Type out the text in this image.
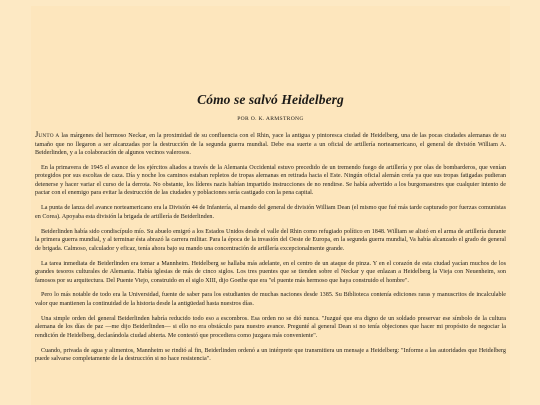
Cómo se salvó Heidelberg
POR O. K. ARMSTRONG

JUNTO A las márgenes del hermoso Neckar, en la proximidad de su confluencia con el Rhin, yace la antigua y pintoresca ciudad de Heidelberg, una de las pocas ciudades alemanas de su tamaño que no llegaron a ser alcanzadas por la destrucción de la segunda guerra mundial. Debe esa suerte a un oficial de artillería norteamericano, el general de división William A. Beiderlinden, y a la colaboración de algunos vecinos valerosos.

En la primavera de 1945 el avance de los ejércitos aliados a través de la Alemania Occidental estuvo precedido de un tremendo fuego de artillería y por olas de bombarderos, que venían protegidos por sus escoltas de caza. Día y noche los caminos estaban repletos de tropas alemanas en retirada hacia el Este. Ningún oficial alemán creía ya que sus tropas fatigadas pudieran detenerse y hacer variar el curso de la derrota. No obstante, los líderes nazis habían impartido instrucciones de no rendirse. Se había advertido a los burgomaestres que cualquier intento de pactar con el enemigo para evitar la destrucción de las ciudades y poblaciones sería castigado con la pena capital.

La punta de lanza del avance norteamericano era la División 44 de Infantería, al mando del general de división William Dean (el mismo que fué más tarde capturado por fuerzas comunistas en Corea). Apoyaba esta división la brigada de artillería de Beiderlinden.

Beiderlinden había sido condiscípulo mío. Su abuelo emigró a los Estados Unidos desde el valle del Rhin como refugiado político en 1848. William se alistó en el arma de artillería durante la primera guerra mundial, y al terminar ésta abrazó la carrera militar. Para la época de la invasión del Oeste de Europa, en la segunda guerra mundial, Va había alcanzado el grado de general de brigada. Calmoso, calculador y eficaz, tenía ahora bajo su mando una concentración de artillería excepcionalmente grande.

La tarea inmediata de Beiderlinden era tomar a Mannheim. Heidelberg se hallaba más adelante, en el centro de un ataque de pinza. Y en el corazón de esta ciudad yacían muchos de los grandes tesoros culturales de Alemania. Había iglesias de más de cinco siglos. Los tres puentes que se tienden sobre el Neckar y que enlazan a Heidelberg la Vieja con Neuenheim, son famosos por su arquitectura. Del Puente Viejo, construido en el siglo XIII, dijo Goethe que era "el puente más hermoso que haya construido el hombre".

Pero lo más notable de todo era la Universidad, fuente de saber para los estudiantes de muchas naciones desde 1385. Su Biblioteca contenía ediciones raras y manuscritos de incalculable valor que mantienen la continuidad de la historia desde la antigüedad hasta nuestros días.

Una simple orden del general Beiderlinden habría reducido todo eso a escombros. Esa orden no se dió nunca. "Juzgué que era digno de un soldado preservar ese símbolo de la cultura alemana de los días de paz —me dijo Beiderlinden— si ello no era obstáculo para nuestro avance. Pregunté al general Dean si no tenía objeciones que hacer mi propósito de negociar la rendición de Heidelberg, declarándola ciudad abierta. Me contestó que procediera como juzgara más conveniente".

Cuando, privada de agua y alimentos, Mannheim se rindió al fin, Beiderlinden ordenó a un intérprete que transmitiera un mensaje a Heidelberg: "Informe a las autoridades que Heidelberg puede salvarse completamente de la destrucción si no hace resistencia".
